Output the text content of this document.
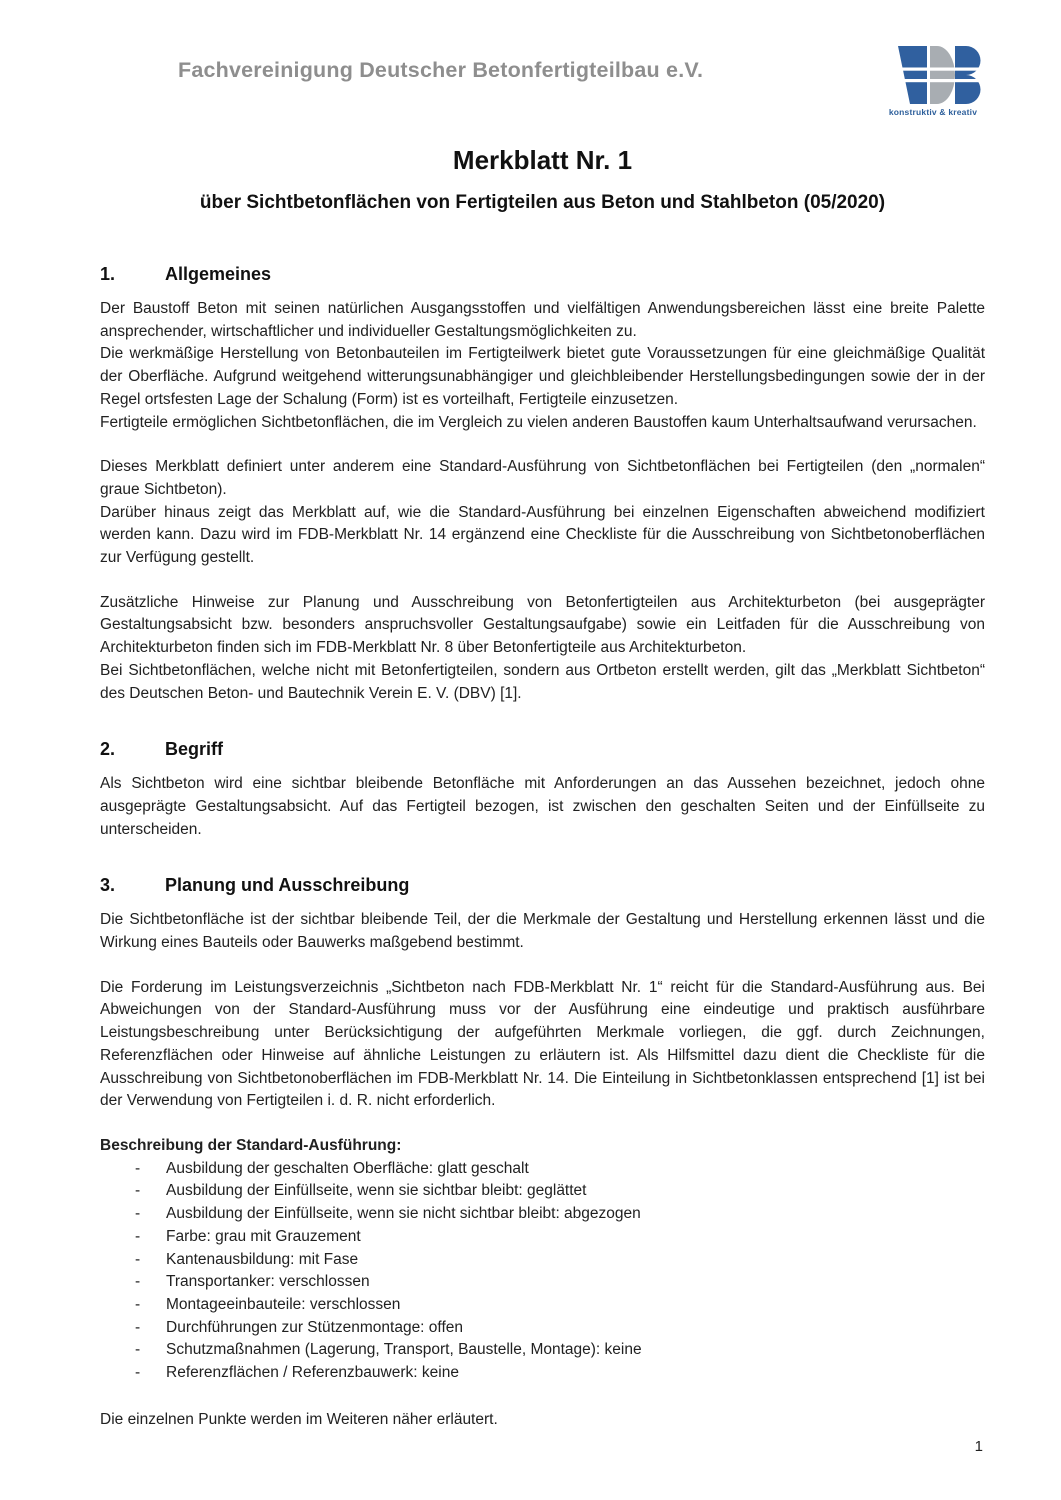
Fachvereinigung Deutscher Betonfertigteilbau e.V.
konstruktiv & kreativ
Merkblatt Nr. 1
über Sichtbetonflächen von Fertigteilen aus Beton und Stahlbeton (05/2020)
1.	Allgemeines

Der Baustoff Beton mit seinen natürlichen Ausgangsstoffen und vielfältigen Anwendungsbereichen lässt eine breite Palette ansprechender, wirtschaftlicher und individueller Gestaltungsmöglichkeiten zu.

Die werkmäßige Herstellung von Betonbauteilen im Fertigteilwerk bietet gute Voraussetzungen für eine gleichmäßige Qualität der Oberfläche. Aufgrund weitgehend witterungsunabhängiger und gleichbleibender Herstellungsbedingungen sowie der in der Regel ortsfesten Lage der Schalung (Form) ist es vorteilhaft, Fertigteile einzusetzen.

Fertigteile ermöglichen Sichtbetonflächen, die im Vergleich zu vielen anderen Baustoffen kaum Unterhaltsaufwand verursachen.

Dieses Merkblatt definiert unter anderem eine Standard-Ausführung von Sichtbetonflächen bei Fertigteilen (den „normalen“ graue Sichtbeton).

Darüber hinaus zeigt das Merkblatt auf, wie die Standard-Ausführung bei einzelnen Eigenschaften abweichend modifiziert werden kann. Dazu wird im FDB-Merkblatt Nr. 14 ergänzend eine Checkliste für die Ausschreibung von Sichtbetonoberflächen zur Verfügung gestellt.

Zusätzliche Hinweise zur Planung und Ausschreibung von Betonfertigteilen aus Architekturbeton (bei ausgeprägter Gestaltungsabsicht bzw. besonders anspruchsvoller Gestaltungsaufgabe) sowie ein Leitfaden für die Ausschreibung von Architekturbeton finden sich im FDB-Merkblatt Nr. 8 über Betonfertigteile aus Architekturbeton.

Bei Sichtbetonflächen, welche nicht mit Betonfertigteilen, sondern aus Ortbeton erstellt werden, gilt das „Merkblatt Sichtbeton“ des Deutschen Beton- und Bautechnik Verein E. V. (DBV) [1].

2.	Begriff

Als Sichtbeton wird eine sichtbar bleibende Betonfläche mit Anforderungen an das Aussehen bezeichnet, jedoch ohne ausgeprägte Gestaltungsabsicht. Auf das Fertigteil bezogen, ist zwischen den geschalten Seiten und der Einfüllseite zu unterscheiden.

3.	Planung und Ausschreibung

Die Sichtbetonfläche ist der sichtbar bleibende Teil, der die Merkmale der Gestaltung und Herstellung erkennen lässt und die Wirkung eines Bauteils oder Bauwerks maßgebend bestimmt.

Die Forderung im Leistungsverzeichnis „Sichtbeton nach FDB-Merkblatt Nr. 1“ reicht für die Standard-Ausführung aus. Bei Abweichungen von der Standard-Ausführung muss vor der Ausführung eine eindeutige und praktisch ausführbare Leistungsbeschreibung unter Berücksichtigung der aufgeführten Merkmale vorliegen, die ggf. durch Zeichnungen, Referenzflächen oder Hinweise auf ähnliche Leistungen zu erläutern ist. Als Hilfsmittel dazu dient die Checkliste für die Ausschreibung von Sichtbetonoberflächen im FDB-Merkblatt Nr. 14. Die Einteilung in Sichtbetonklassen entsprechend [1] ist bei der Verwendung von Fertigteilen i. d. R. nicht erforderlich.

Beschreibung der Standard-Ausführung:
-	Ausbildung der geschalten Oberfläche: glatt geschalt
-	Ausbildung der Einfüllseite, wenn sie sichtbar bleibt: geglättet
-	Ausbildung der Einfüllseite, wenn sie nicht sichtbar bleibt: abgezogen
-	Farbe: grau mit Grauzement
-	Kantenausbildung: mit Fase
-	Transportanker: verschlossen
-	Montageeinbauteile: verschlossen
-	Durchführungen zur Stützenmontage: offen
-	Schutzmaßnahmen (Lagerung, Transport, Baustelle, Montage): keine
-	Referenzflächen / Referenzbauwerk: keine

Die einzelnen Punkte werden im Weiteren näher erläutert.

1
